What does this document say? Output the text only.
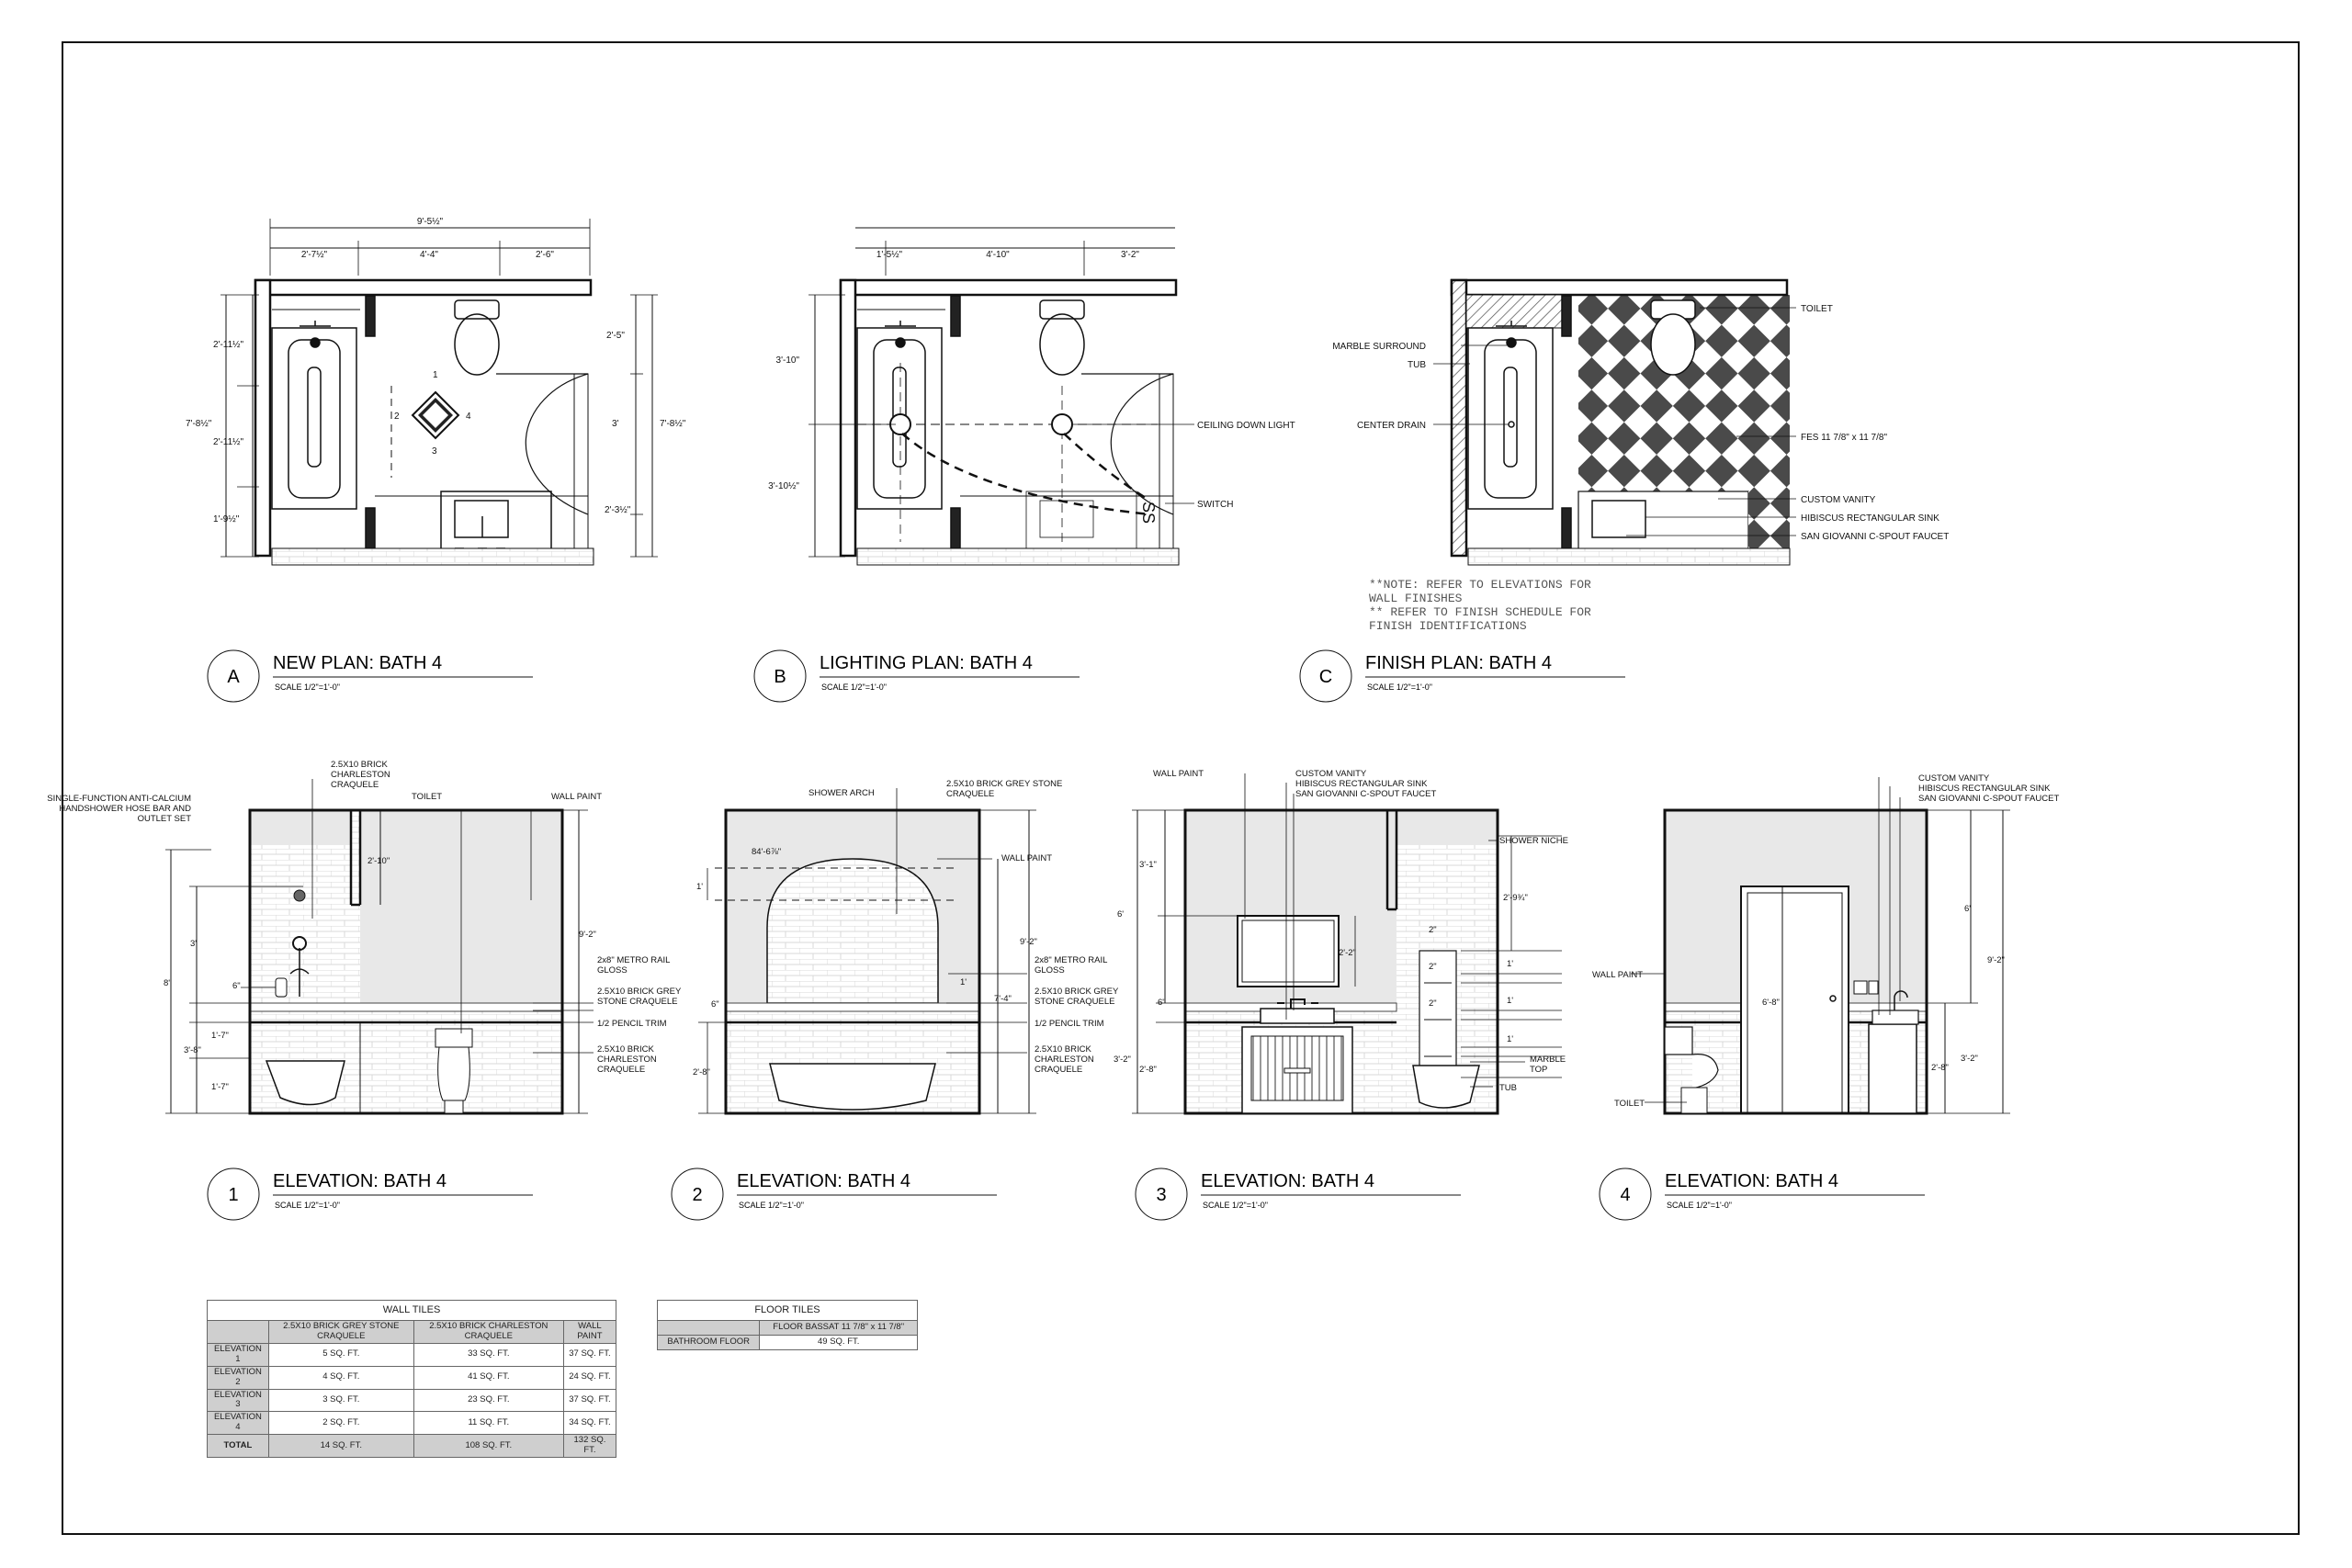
9'-5½"
2'-7½"	4'-4"	2'-6"
7'-8½"
2'-11½"
2'-11½"
1'-9½"
7'-8½"
2'-5"
3'
2'-3½"
1
2
3
4
1'-5½"	4'-10"	3'-2"
3'-10"
3'-10½"
SS
CEILING DOWN LIGHT
SWITCH
MARBLE SURROUND
TUB
CENTER DRAIN
TOILET
FES 11 7/8" x 11 7/8"
CUSTOM VANITY
HIBISCUS RECTANGULAR SINK
SAN GIOVANNI C-SPOUT FAUCET
**NOTE: REFER TO ELEVATIONS FOR
WALL FINISHES
** REFER TO FINISH SCHEDULE FOR
FINISH IDENTIFICATIONS
A
NEW PLAN: BATH 4
SCALE 1/2"=1'-0"	B
LIGHTING PLAN: BATH 4
SCALE 1/2"=1'-0"	C
FINISH PLAN: BATH 4
SCALE 1/2"=1'-0"
2.5X10 BRICK
CHARLESTON
CRAQUELE
SINGLE-FUNCTION ANTI-CALCIUM
HANDSHOWER HOSE BAR AND
OUTLET SET
TOILET	WALL PAINT
2x8" METRO RAIL
GLOSS
2.5X10 BRICK GREY
STONE CRAQUELE
1/2 PENCIL TRIM
2.5X10 BRICK
CHARLESTON
CRAQUELE
2'-10"
9'-2"
3'
8'	6"
1'-7"
3'-8"
1'-7"
SHOWER ARCH
2.5X10 BRICK GREY STONE
CRAQUELE
WALL PAINT
2x8" METRO RAIL
GLOSS
2.5X10 BRICK GREY
STONE CRAQUELE
1/2 PENCIL TRIM
2.5X10 BRICK
CHARLESTON
CRAQUELE
84'-6⅞"
1'
9'-2"
1'
7'-4"
6"
2'-8"
WALL PAINT	CUSTOM VANITY
HIBISCUS RECTANGULAR SINK
SAN GIOVANNI C-SPOUT FAUCET
SHOWER NICHE
MARBLE
TOP
TUB
3'-1"
6'
2'-2"
6"
3'-2"
2'-8"
2'-9¾"
2"
1'
2"
1'
2"
1'
CUSTOM VANITY
HIBISCUS RECTANGULAR SINK
SAN GIOVANNI C-SPOUT FAUCET
WALL PAINT
TOILET
6'-8"
6'
9'-2"
2'-8"
3'-2"
1
ELEVATION: BATH 4
SCALE 1/2"=1'-0"	2
ELEVATION: BATH 4
SCALE 1/2"=1'-0"	3
ELEVATION: BATH 4
SCALE 1/2"=1'-0"	4
ELEVATION: BATH 4
SCALE 1/2"=1'-0"
WALL TILES			
	2.5X10 BRICK GREY STONE CRAQUELE	2.5X10 BRICK CHARLESTON CRAQUELE	WALL PAINT
ELEVATION 1	5 SQ. FT.	33 SQ. FT.	37 SQ. FT.
ELEVATION 2	4 SQ. FT.	41 SQ. FT.	24 SQ. FT.
ELEVATION 3	3 SQ. FT.	23 SQ. FT.	37 SQ. FT.
ELEVATION 4	2 SQ. FT.	11 SQ. FT.	34 SQ. FT.
TOTAL	14 SQ. FT.	108 SQ. FT.	132 SQ. FT.
FLOOR TILES	
	FLOOR BASSAT 11 7/8" x 11 7/8"
BATHROOM FLOOR	49 SQ. FT.
